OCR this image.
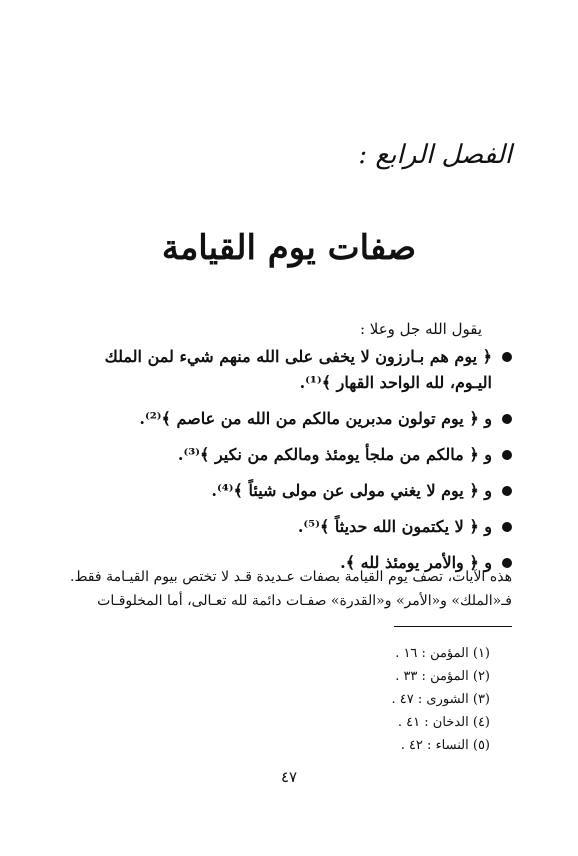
الفصل الرابع :
صفات يوم القيامة
يقول الله جل وعلا :
﴿ يوم هم بـارزون لا يخفى على الله منهم شيء لمن الملك اليـوم، لله الواحد القهار ﴾⁽¹⁾.
و ﴿ يوم تولون مدبرين مالكم من الله من عاصم ﴾⁽²⁾.
و ﴿ مالكم من ملجأ يومئذ ومالكم من نكير ﴾⁽³⁾.
و ﴿ يوم لا يغني مولى عن مولى شيئاً ﴾⁽⁴⁾.
و ﴿ لا يكتمون الله حديثاً ﴾⁽⁵⁾.
و ﴿ والأمر يومئذ لله ﴾.
هذه الآيات، تصف يوم القيامة بصفات عـديدة قـد لا تختص بيوم القيـامة فقط. فـ«الملك» و«الأمر» و«القدرة» صفـات دائمة لله تعـالى، أما المخلوقـات
(١) المؤمن : ١٦ .
(٢) المؤمن : ٣٣ .
(٣) الشورى : ٤٧ .
(٤) الدخان : ٤١ .
(٥) النساء : ٤٢ .
٤٧
